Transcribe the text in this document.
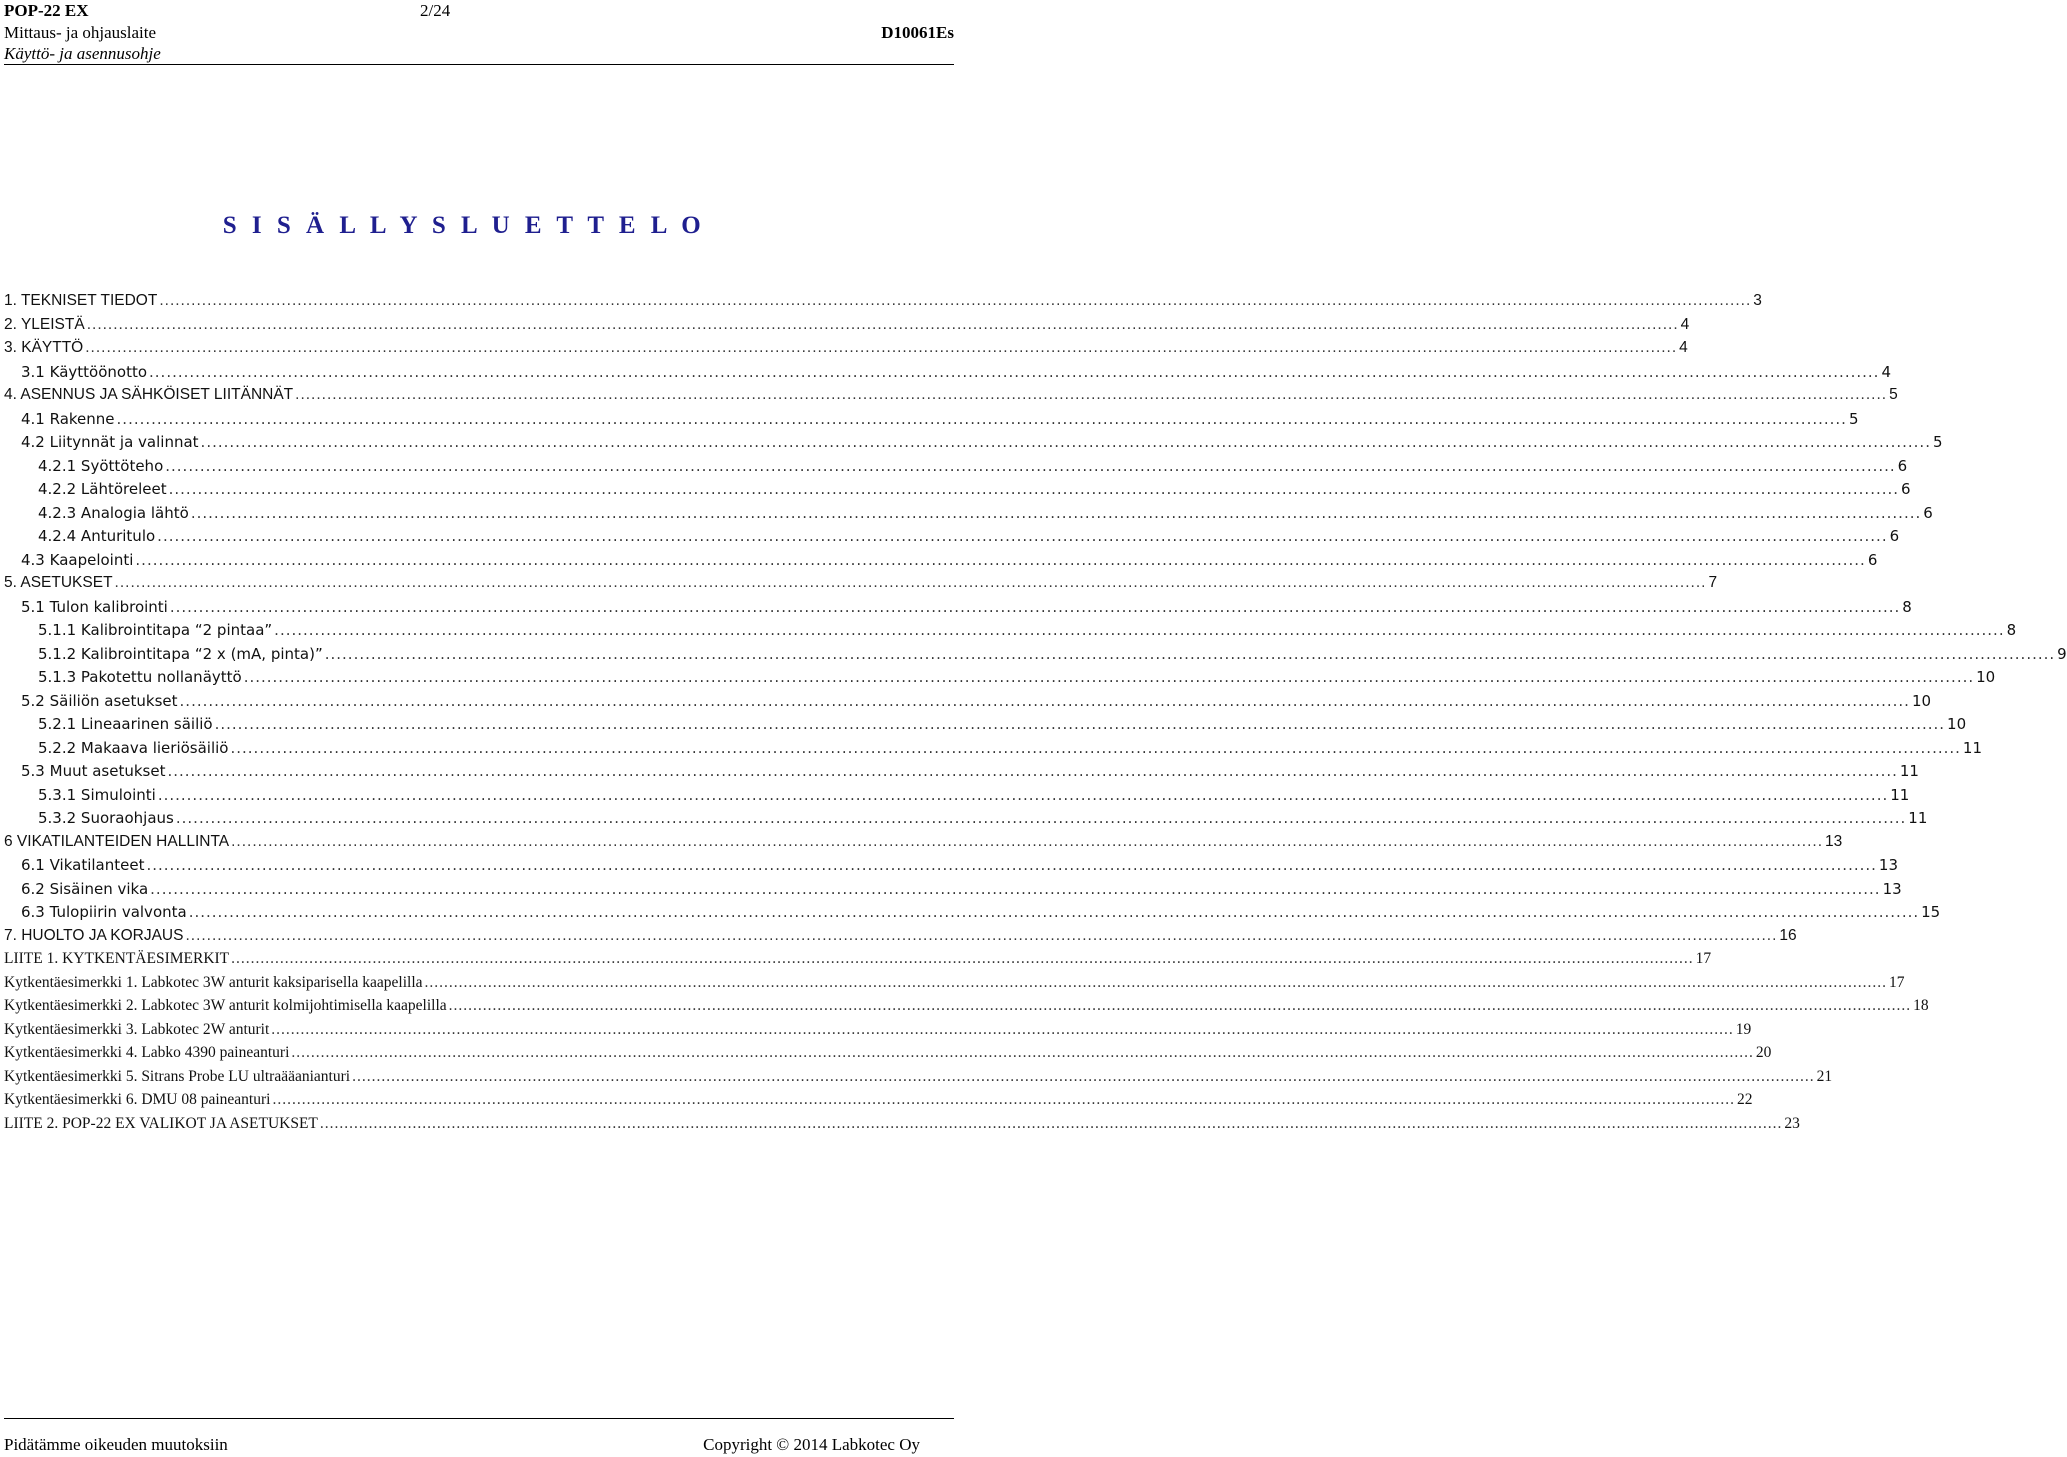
POP-22 EX	2/24
Mittaus- ja ohjauslaite	D10061Es
Käyttö- ja asennusohje
S I S Ä L L Y S L U E T T E L O
1. TEKNISET TIEDOT ............................................................................................................................................................................................................................................................................................................ 3
2. YLEISTÄ ............................................................................................................................................................................................................................................................................................................ 4
3. KÄYTTÖ ............................................................................................................................................................................................................................................................................................................ 4
3.1 Käyttöönotto ............................................................................................................................................................................................................................................................................................................ 4
4. ASENNUS JA SÄHKÖISET LIITÄNNÄT ............................................................................................................................................................................................................................................................................................................ 5
4.1 Rakenne ............................................................................................................................................................................................................................................................................................................ 5
4.2 Liitynnät ja valinnat ............................................................................................................................................................................................................................................................................................................ 5
4.2.1 Syöttöteho ............................................................................................................................................................................................................................................................................................................ 6
4.2.2 Lähtöreleet ............................................................................................................................................................................................................................................................................................................ 6
4.2.3 Analogia lähtö ............................................................................................................................................................................................................................................................................................................ 6
4.2.4 Anturitulo ............................................................................................................................................................................................................................................................................................................ 6
4.3 Kaapelointi ............................................................................................................................................................................................................................................................................................................ 6
5. ASETUKSET ............................................................................................................................................................................................................................................................................................................ 7
5.1 Tulon kalibrointi ............................................................................................................................................................................................................................................................................................................ 8
5.1.1 Kalibrointitapa “2 pintaa” ............................................................................................................................................................................................................................................................................................................ 8
5.1.2 Kalibrointitapa “2 x (mA, pinta)” ............................................................................................................................................................................................................................................................................................................ 9
5.1.3 Pakotettu nollanäyttö ............................................................................................................................................................................................................................................................................................................ 10
5.2 Säiliön asetukset ............................................................................................................................................................................................................................................................................................................ 10
5.2.1 Lineaarinen säiliö ............................................................................................................................................................................................................................................................................................................ 10
5.2.2 Makaava lieriösäiliö ............................................................................................................................................................................................................................................................................................................ 11
5.3 Muut asetukset ............................................................................................................................................................................................................................................................................................................ 11
5.3.1 Simulointi ............................................................................................................................................................................................................................................................................................................ 11
5.3.2 Suoraohjaus ............................................................................................................................................................................................................................................................................................................ 11
6 VIKATILANTEIDEN HALLINTA ............................................................................................................................................................................................................................................................................................................ 13
6.1 Vikatilanteet ............................................................................................................................................................................................................................................................................................................ 13
6.2 Sisäinen vika ............................................................................................................................................................................................................................................................................................................ 13
6.3 Tulopiirin valvonta ............................................................................................................................................................................................................................................................................................................ 15
7. HUOLTO JA KORJAUS ............................................................................................................................................................................................................................................................................................................ 16
LIITE 1. KYTKENTÄESIMERKIT ............................................................................................................................................................................................................................................................................................................ 17
Kytkentäesimerkki 1. Labkotec 3W anturit kaksiparisella kaapelilla ............................................................................................................................................................................................................................................................................................................ 17
Kytkentäesimerkki 2. Labkotec 3W anturit kolmijohtimisella kaapelilla ............................................................................................................................................................................................................................................................................................................ 18
Kytkentäesimerkki 3. Labkotec 2W anturit ............................................................................................................................................................................................................................................................................................................ 19
Kytkentäesimerkki 4. Labko 4390 paineanturi ............................................................................................................................................................................................................................................................................................................ 20
Kytkentäesimerkki 5. Sitrans Probe LU ultraääanianturi ............................................................................................................................................................................................................................................................................................................ 21
Kytkentäesimerkki 6. DMU 08 paineanturi ............................................................................................................................................................................................................................................................................................................ 22
LIITE 2. POP-22 EX VALIKOT JA ASETUKSET ............................................................................................................................................................................................................................................................................................................ 23
Pidätämme oikeuden muutoksiin	Copyright © 2014 Labkotec Oy
